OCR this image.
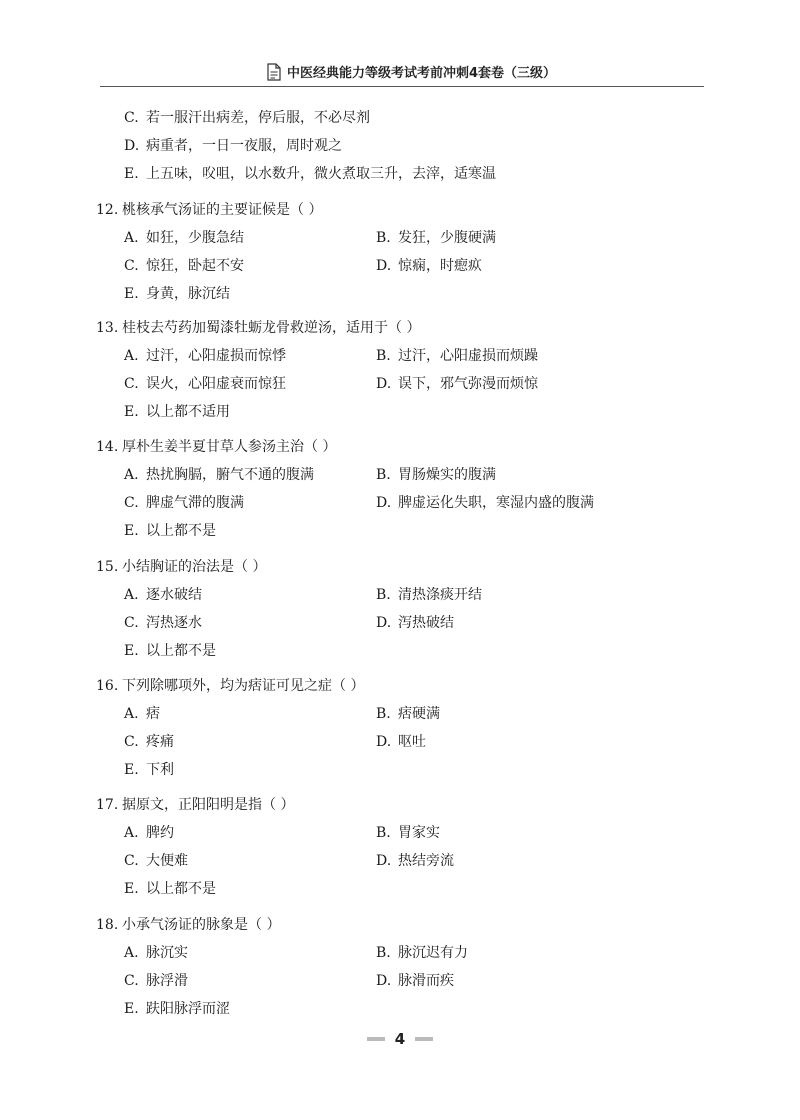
中医经典能力等级考试考前冲刺4套卷（三级）
C. 若一服汗出病差，停后服，不必尽剂
D. 病重者，一日一夜服，周时观之
E. 上五味，㕮咀，以水数升，微火煮取三升，去滓，适寒温
12. 桃核承气汤证的主要证候是（ ）
A. 如狂，少腹急结	B. 发狂，少腹硬满
C. 惊狂，卧起不安	D. 惊痫，时瘛疭
E. 身黄，脉沉结
13. 桂枝去芍药加蜀漆牡蛎龙骨救逆汤，适用于（ ）
A. 过汗，心阳虚损而惊悸	B. 过汗，心阳虚损而烦躁
C. 误火，心阳虚衰而惊狂	D. 误下，邪气弥漫而烦惊
E. 以上都不适用
14. 厚朴生姜半夏甘草人参汤主治（ ）
A. 热扰胸膈，腑气不通的腹满	B. 胃肠燥实的腹满
C. 脾虚气滞的腹满	D. 脾虚运化失职，寒湿内盛的腹满
E. 以上都不是
15. 小结胸证的治法是（ ）
A. 逐水破结	B. 清热涤痰开结
C. 泻热逐水	D. 泻热破结
E. 以上都不是
16. 下列除哪项外，均为痞证可见之症（ ）
A. 痞	B. 痞硬满
C. 疼痛	D. 呕吐
E. 下利
17. 据原文，正阳阳明是指（ ）
A. 脾约	B. 胃家实
C. 大便难	D. 热结旁流
E. 以上都不是
18. 小承气汤证的脉象是（ ）
A. 脉沉实	B. 脉沉迟有力
C. 脉浮滑	D. 脉滑而疾
E. 趺阳脉浮而涩
4
